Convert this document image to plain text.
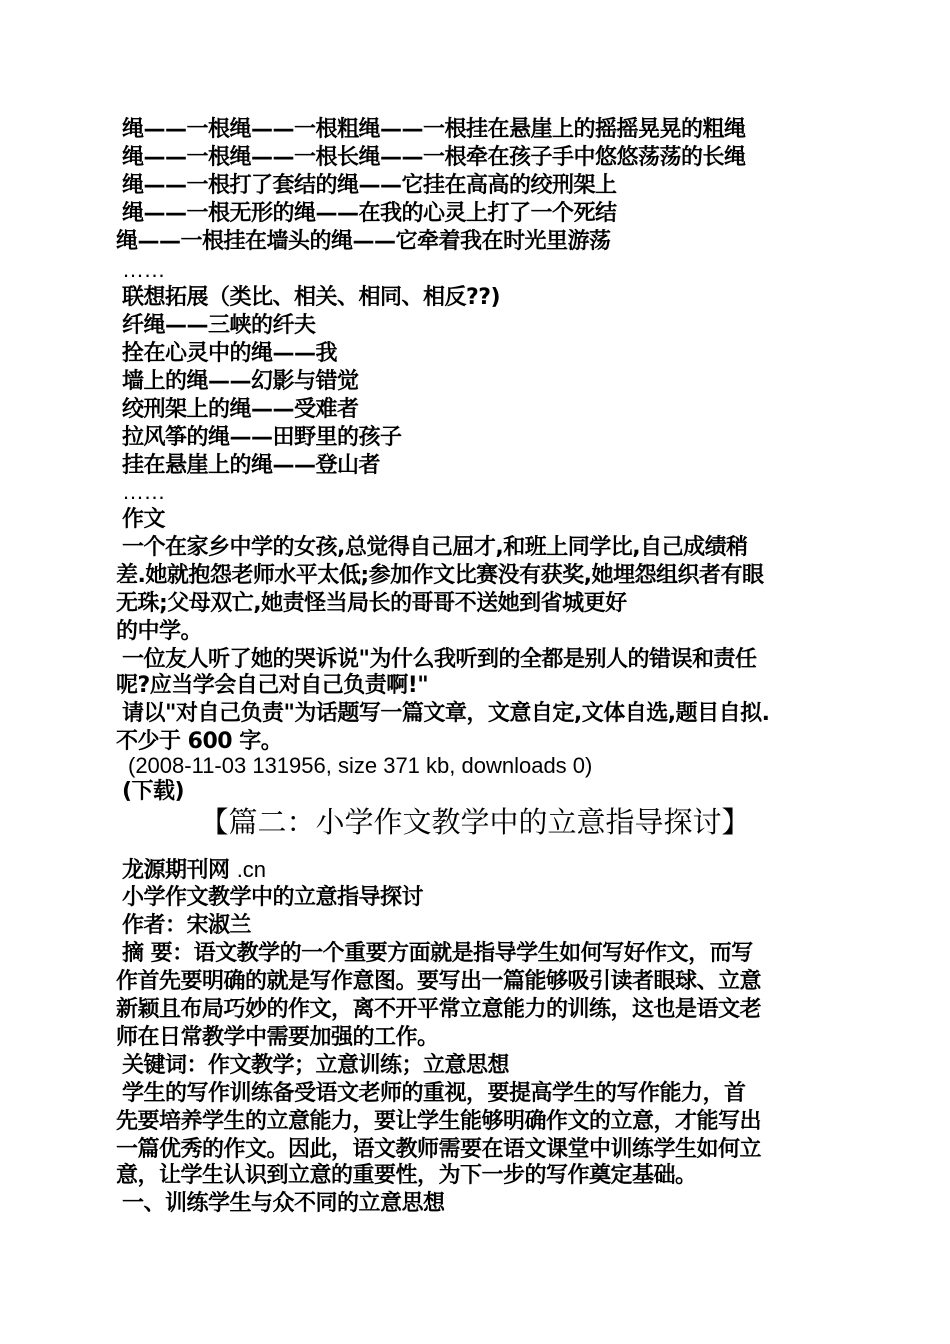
绳——一根绳——一根粗绳——一根挂在悬崖上的摇摇晃晃的粗绳
绳——一根绳——一根长绳——一根牵在孩子手中悠悠荡荡的长绳
绳——一根打了套结的绳——它挂在高高的绞刑架上
绳——一根无形的绳——在我的心灵上打了一个死结
绳——一根挂在墙头的绳——它牵着我在时光里游荡
……
联想拓展（类比、相关、相同、相反??)
纤绳——三峡的纤夫
拴在心灵中的绳——我
墙上的绳——幻影与错觉
绞刑架上的绳——受难者
拉风筝的绳——田野里的孩子
挂在悬崖上的绳——登山者
……
作文
一个在家乡中学的女孩,总觉得自己屈才,和班上同学比,自己成绩稍
差.她就抱怨老师水平太低;参加作文比赛没有获奖,她埋怨组织者有眼
无珠;父母双亡,她责怪当局长的哥哥不送她到省城更好
的中学。
一位友人听了她的哭诉说"为什么我听到的全都是别人的错误和责任
呢?应当学会自己对自己负责啊!"
请以"对自己负责"为话题写一篇文章，文意自定,文体自选,题目自拟.
不少于 600 字。
(2008-11-03 131956, size 371 kb, downloads 0)
(下载)
【篇二：小学作文教学中的立意指导探讨】
龙源期刊网 .cn
小学作文教学中的立意指导探讨
作者：宋淑兰
摘 要：语文教学的一个重要方面就是指导学生如何写好作文，而写
作首先要明确的就是写作意图。要写出一篇能够吸引读者眼球、立意
新颖且布局巧妙的作文，离不开平常立意能力的训练，这也是语文老
师在日常教学中需要加强的工作。
关键词：作文教学；立意训练；立意思想
学生的写作训练备受语文老师的重视，要提高学生的写作能力，首
先要培养学生的立意能力，要让学生能够明确作文的立意，才能写出
一篇优秀的作文。因此，语文教师需要在语文课堂中训练学生如何立
意，让学生认识到立意的重要性，为下一步的写作奠定基础。
一、训练学生与众不同的立意思想
